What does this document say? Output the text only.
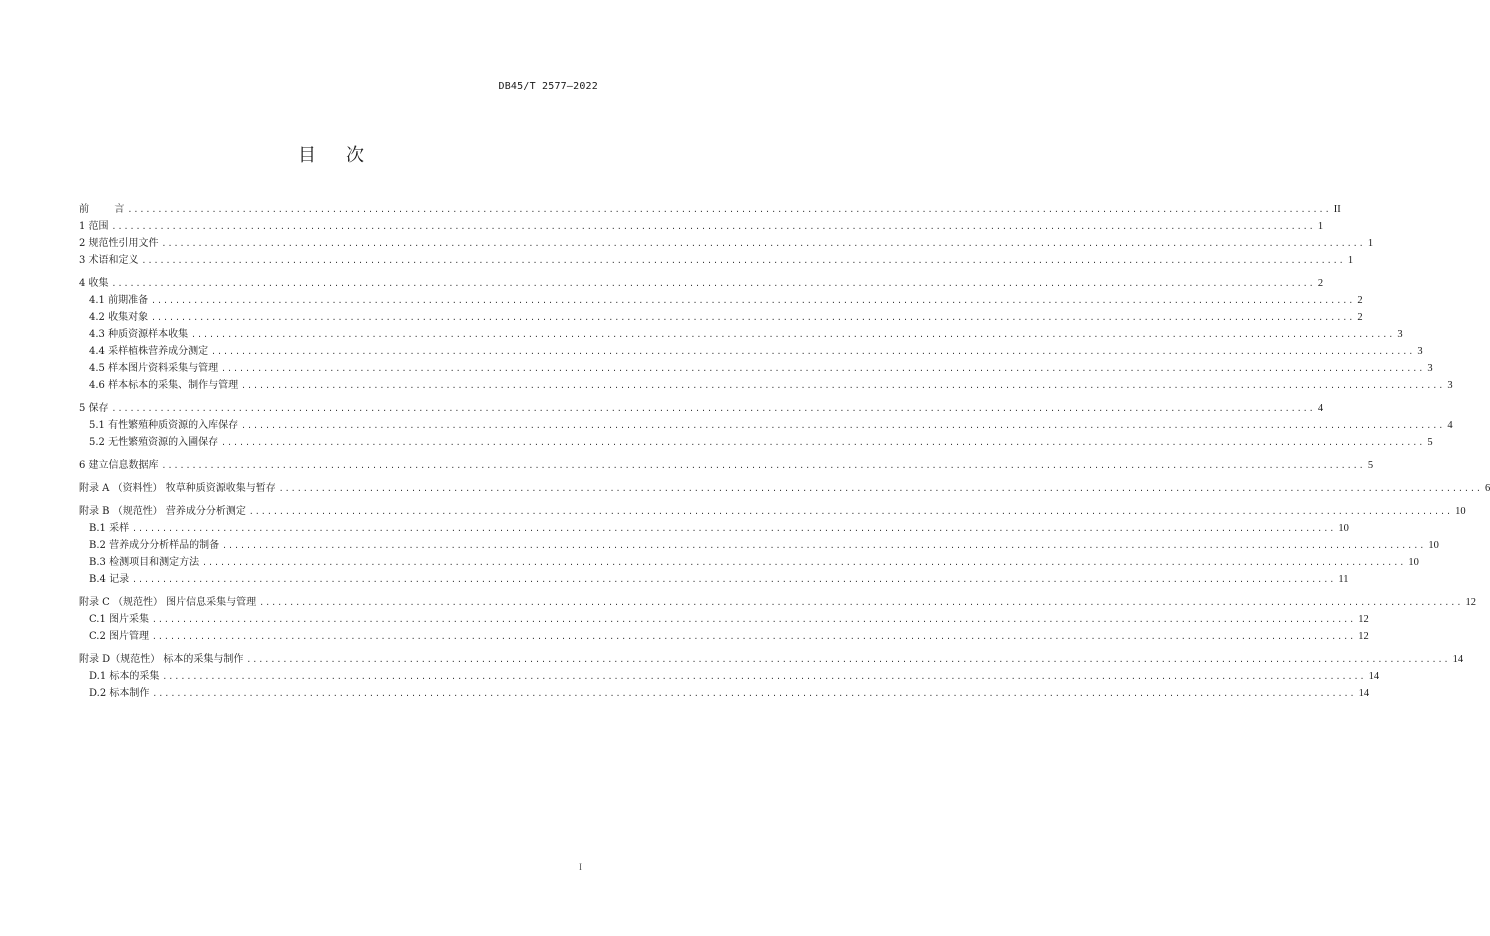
DB45/T 2577—2022
目 次
前        言 ........................................................................................................................................................................................................ II
1 范围 ........................................................................................................................................................................................................ 1
2 规范性引用文件 ........................................................................................................................................................................................................ 1
3 术语和定义 ........................................................................................................................................................................................................ 1
4 收集 ........................................................................................................................................................................................................ 2
4.1 前期准备 ........................................................................................................................................................................................................ 2
4.2 收集对象 ........................................................................................................................................................................................................ 2
4.3 种质资源样本收集 ........................................................................................................................................................................................................ 3
4.4 采样植株营养成分测定 ........................................................................................................................................................................................................ 3
4.5 样本图片资料采集与管理 ........................................................................................................................................................................................................ 3
4.6 样本标本的采集、制作与管理 ........................................................................................................................................................................................................ 3
5 保存 ........................................................................................................................................................................................................ 4
5.1 有性繁殖种质资源的入库保存 ........................................................................................................................................................................................................ 4
5.2 无性繁殖资源的入圃保存 ........................................................................................................................................................................................................ 5
6 建立信息数据库 ........................................................................................................................................................................................................ 5
附录 A （资料性） 牧草种质资源收集与暂存 ........................................................................................................................................................................................................ 6
附录 B （规范性） 营养成分分析测定 ........................................................................................................................................................................................................ 10
B.1 采样 ........................................................................................................................................................................................................ 10
B.2 营养成分分析样品的制备 ........................................................................................................................................................................................................ 10
B.3 检测项目和测定方法 ........................................................................................................................................................................................................ 10
B.4 记录 ........................................................................................................................................................................................................ 11
附录 C （规范性） 图片信息采集与管理 ........................................................................................................................................................................................................ 12
C.1 图片采集 ........................................................................................................................................................................................................ 12
C.2 图片管理 ........................................................................................................................................................................................................ 12
附录 D（规范性） 标本的采集与制作 ........................................................................................................................................................................................................ 14
D.1 标本的采集 ........................................................................................................................................................................................................ 14
D.2 标本制作 ........................................................................................................................................................................................................ 14
I
